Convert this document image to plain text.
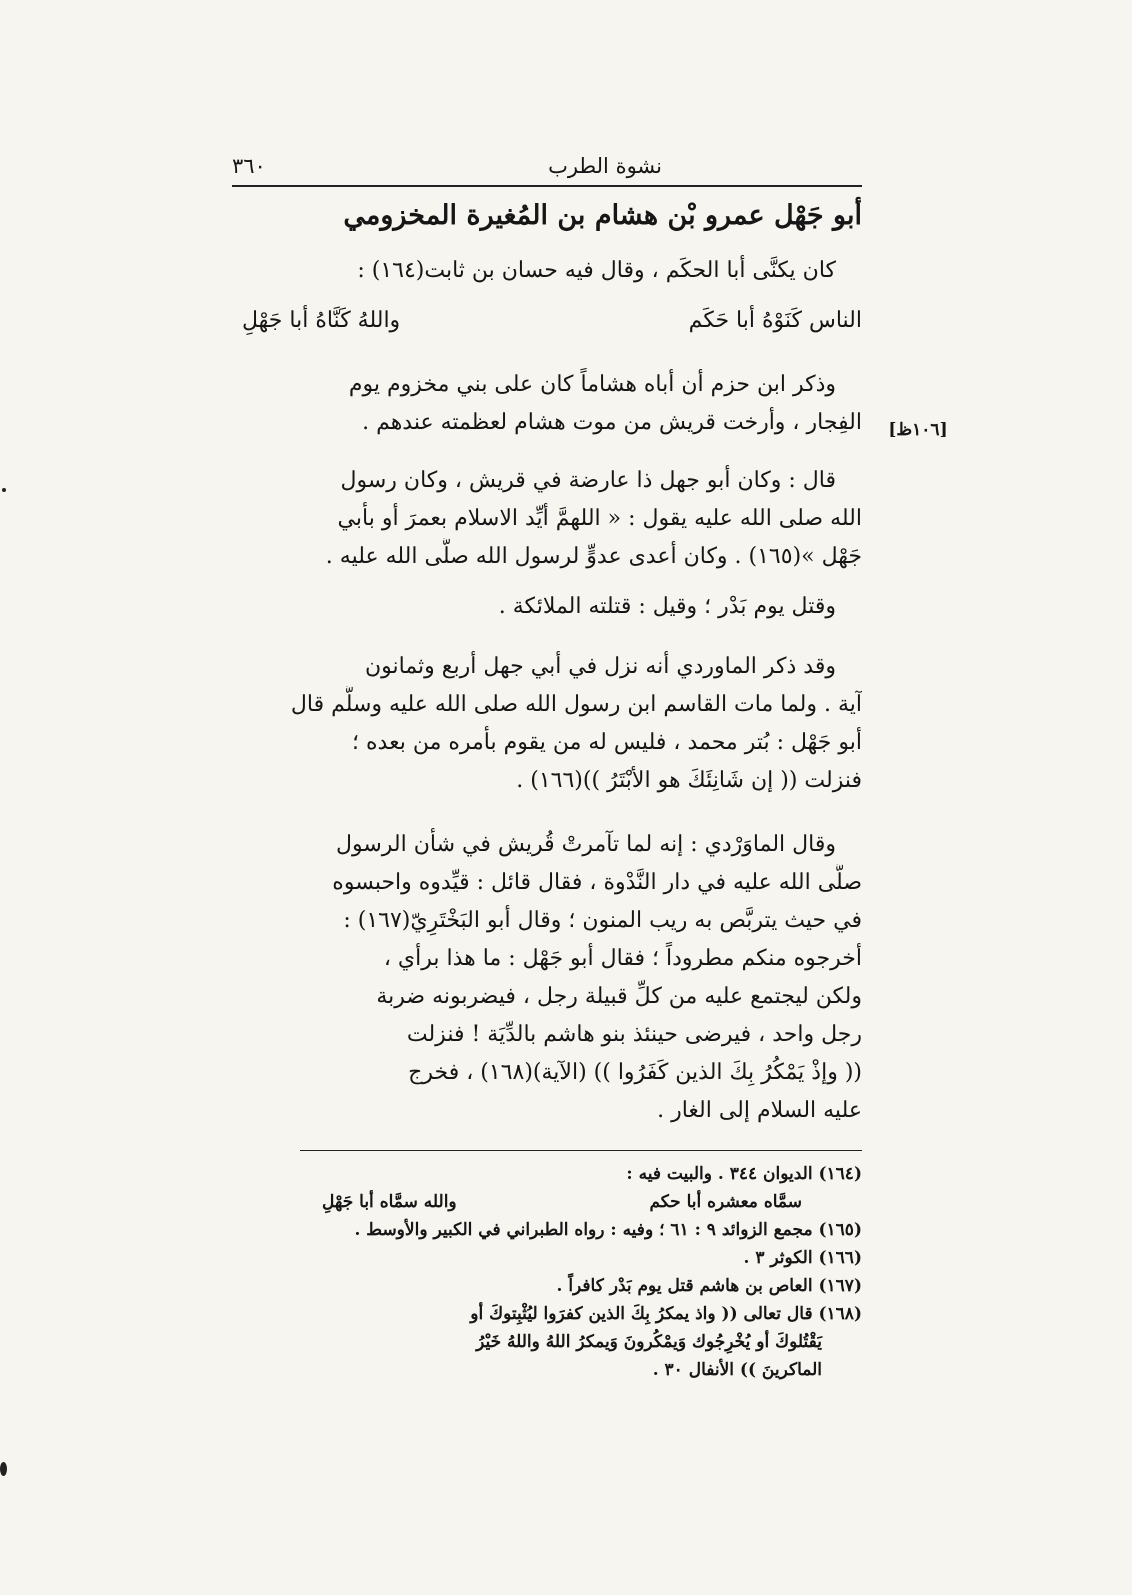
نشوة الطرب
٣٦٠
أبو جَهْل عمرو بْن هشام بن المُغيرة المخزومي
كان يكنَّى أبا الحكَم ، وقال فيه حسان بن ثابت(١٦٤) :
الناس كَنَوْهُ أبا حَكَم
واللهُ كَنَّاهُ أبا جَهْلِ
وذكر ابن حزم أن أباه هشاماً كان على بني مخزوم يوم
الفِجار ، وأرخت قريش من موت هشام لعظمته عندهم . [١٠٦ظ]
قال : وكان أبو جهل ذا عارضة في قريش ، وكان رسول
الله صلى الله عليه يقول : « اللهمَّ أيِّد الاسلام بعمرَ أو بأبي
جَهْل »(١٦٥) . وكان أعدى عدوٍّ لرسول الله صلَّى الله عليه .
وقتل يوم بَدْر ؛ وقيل : قتلته الملائكة .
وقد ذكر الماوردي أنه نزل في أبي جهل أربع وثمانون
آية . ولما مات القاسم ابن رسول الله صلى الله عليه وسلَّم قال
أبو جَهْل : بُتر محمد ، فليس له من يقوم بأمره من بعده ؛
فنزلت (( إن شَانِئَكَ هو الأبْتَرُ ))(١٦٦) .
وقال الماوَرْدي : إنه لما تآمرتْ قُريش في شأن الرسول
صلَّى الله عليه في دار النَّدْوة ، فقال قائل : قيِّدوه واحبسوه
في حيث يتربَّص به ريب المنون ؛ وقال أبو البَخْتَرِيّ(١٦٧) :
أخرجوه منكم مطروداً ؛ فقال أبو جَهْل : ما هذا برأي ،
ولكن ليجتمع عليه من كلِّ قبيلة رجل ، فيضربونه ضربة
رجل واحد ، فيرضى حينئذ بنو هاشم بالدِّيَة ! فنزلت
(( وإذْ يَمْكُرُ بِكَ الذين كَفَرُوا )) (الآية)(١٦٨) ، فخرج
عليه السلام إلى الغار .
(١٦٤) الديوان ٣٤٤ . والبيت فيه :
سمَّاه معشره أبا حكم
والله سمَّاه أبا جَهْلِ
(١٦٥) مجمع الزوائد ٩ : ٦١ ؛ وفيه : رواه الطبراني في الكبير والأوسط .
(١٦٦) الكوثر ٣ .
(١٦٧) العاص بن هاشم قتل يوم بَدْر كافراً .
(١٦٨) قال تعالى (( واذ يمكرُ بِكَ الذين كفرَوا ليُثْبِتوكَ أو
يَقْتُلوكَ أو يُخْرِجُوك وَيمْكُرونَ وَيمكرُ اللهُ واللهُ خَيْرُ
الماكرينَ )) الأنفال ٣٠ .
